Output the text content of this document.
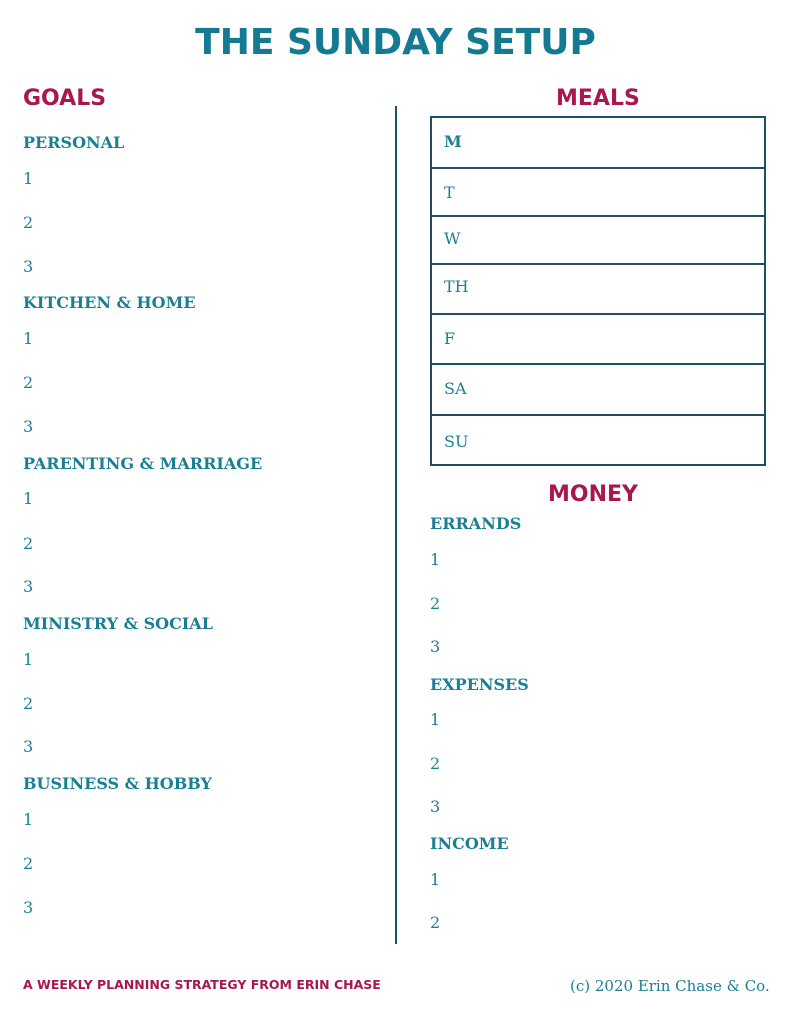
THE SUNDAY SETUP
GOALS
PERSONAL
1
2
3
KITCHEN & HOME
1
2
3
PARENTING & MARRIAGE
1
2
3
MINISTRY & SOCIAL
1
2
3
BUSINESS & HOBBY
1
2
3
MEALS
M
T
W
TH
F
SA
SU
MONEY
ERRANDS
1
2
3
EXPENSES
1
2
3
INCOME
1
2
A WEEKLY PLANNING STRATEGY FROM ERIN CHASE	(c) 2020 Erin Chase & Co.
